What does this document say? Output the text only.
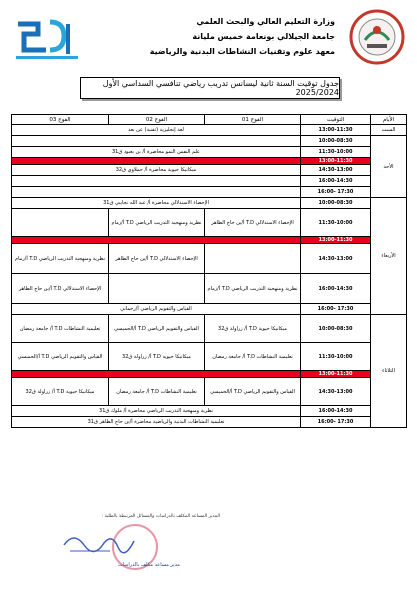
وزارة التعليم العالي والبحث العلمي
جامعة الجيلالي بونعامة خميس مليانة
معهد علوم وتقنيات النشاطات البدنية والرياضية
جدول توقيت السنة ثانية ليسانس تدريب رياضي تنافسي السداسي الأول 2025/2024
الأيام	التوقيت	الفوج 01	الفوج 02	الفوج 03
السبت	13:00-11:30	لغة إنجليزية (تقنية) عن بعد		
الأحد	10:00-08:30			
	11:30-10:00	علم النفس النمو محاضرة أ/ بن يعبود ق31		
	13:00-11:30			
	14:30-13:00	ميكانيكا حيوية محاضرة أ/ حملاوي ق32		
	16:00-14:30			
	17:30 -16:00			
الأربعاء	10:00-08:30	الإحصاء الاستدلالي محاضرة أ/ عبد الله نجايبي ق31		
	11:30-10:00	الإحصاء الاستدلالي T.D أ/بن حاج الطاهر	نظرية ومنهجية التدريب الرياضي T.D أ/زمام	
	13:00-11:30			
	14:30-13:00		الإحصاء الاستدلالي T.D أ/بن حاج الطاهر	نظرية ومنهجية التدريب الرياضي T.D أ/زمام
	16:00-14:30	نظرية ومنهجية التدريب الرياضي T.D أ/زمام		الإحصاء الاستدلالي T.D أ/بن حاج الطاهر
	17:30 -16:00	القياس والتقويم الرياضي أ/رحماني		
الثلاثاء	10:00-08:30	ميكانيكا حيوية T.D أ/ زراولة ق32	القياس والتقويم الرياضي T.D أ/الحميسي	تعليمية النشاطات T.D أ/ جامعة رمضان
	11:30-10:00	تعليمية النشاطات T.D أ/ جامعة رمضان	ميكانيكا حيوية T.D أ/ زراولة ق32	القياس والتقويم الرياضي T.D أ/الحميسي
	13:00-11:30			
	14:30-13:00	القياس والتقويم الرياضي T.D أ/الحميسي	تعليمية النشاطات T.D أ/ جامعة رمضان	ميكانيكا حيوية T.D أ/ زراولة ق32
	16:00-14:30	نظرية ومنهجية التدريب الرياضي محاضرة أ/ ملوك ق31		
	17:30 -16:00	تعليمية النشاطات البدنية والرياضية محاضرة أ/بن حاج الطاهر ق31		
المدير المساعد المكلف بالدراسات والمسائل المرتبطة بالطلبة :
مدير مساعد مكلف بالدراسات
